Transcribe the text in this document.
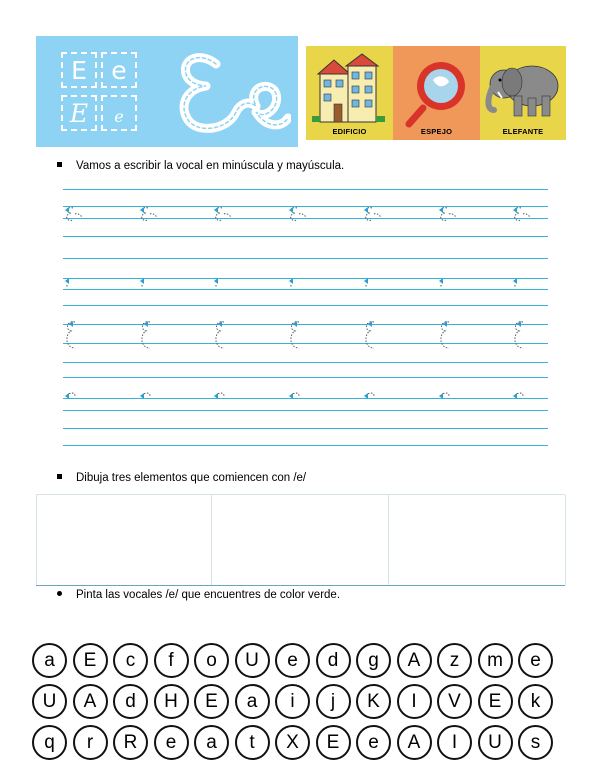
E e
E	e
EDIFICIO	ESPEJO	ELEFANTE
Vamos a escribir la vocal en minúscula y mayúscula.
Dibuja tres elementos que comiencen con /e/
Pinta las vocales /e/ que encuentres de color verde.
a	E	c	f	o	U	e	d	g	A	z	m	e
U	A	d	H	E	a	i	j	K	I	V	E	k
q	r	R	e	a	t	X	E	e	A	I	U	s
